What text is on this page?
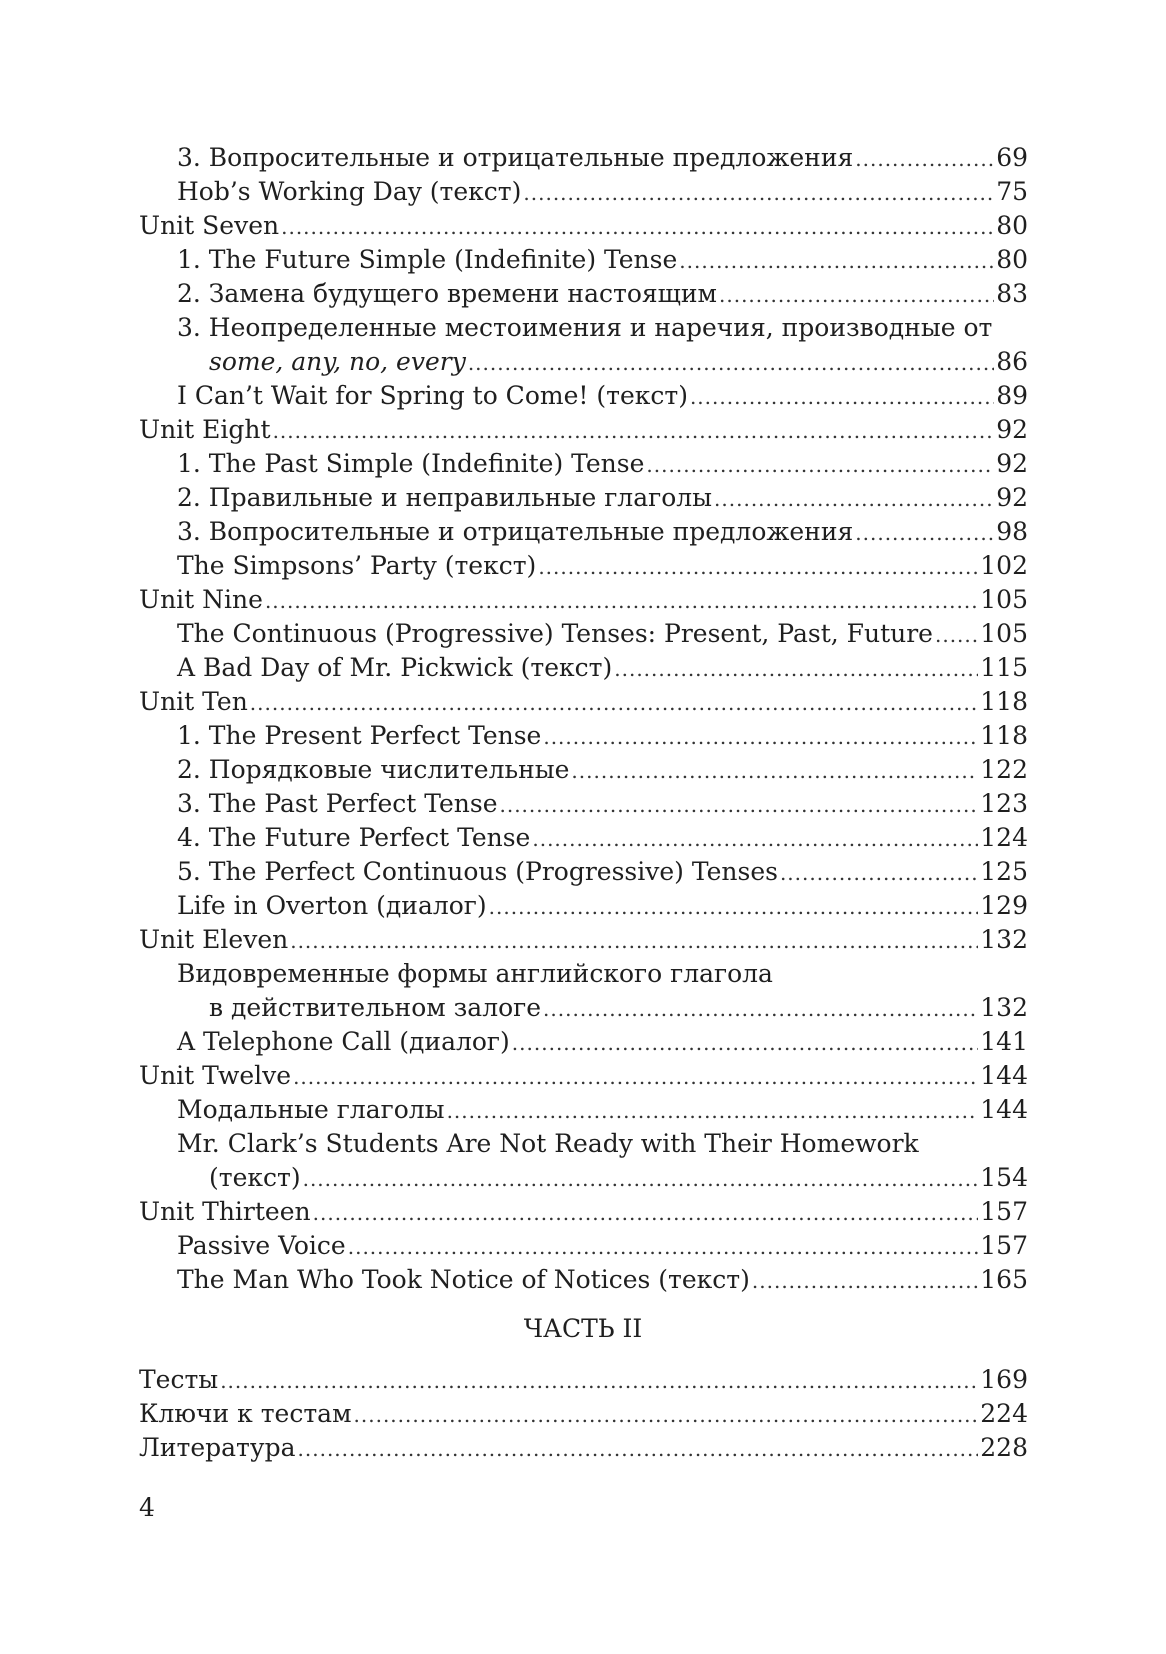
3. Вопросительные и отрицательные предложения .....	69
Hob’s Working Day (текст) .....	75
Unit Seven .....	80
1. The Future Simple (Indefinite) Tense .....	80
2. Замена будущего времени настоящим .....	83
3. Неопределенные местоимения и наречия, производные от
some, any, no, every .....	86
I Can’t Wait for Spring to Come! (текст) .....	89
Unit Eight .....	92
1. The Past Simple (Indefinite) Tense .....	92
2. Правильные и неправильные глаголы .....	92
3. Вопросительные и отрицательные предложения .....	98
The Simpsons’ Party (текст) .....	102
Unit Nine .....	105
The Continuous (Progressive) Tenses: Present, Past, Future ..... 105
A Bad Day of Mr. Pickwick (текст) .....	115
Unit Ten .....	118
1. The Present Perfect Tense .....	118
2. Порядковые числительные .....	122
3. The Past Perfect Tense .....	123
4. The Future Perfect Tense .....	124
5. The Perfect Continuous (Progressive) Tenses .....	125
Life in Overton (диалог) .....	129
Unit Eleven .....	132
Видовременные формы английского глагола
в действительном залоге .....	132
A Telephone Call (диалог) .....	141
Unit Twelve .....	144
Модальные глаголы .....	144
Mr. Clark’s Students Are Not Ready with Their Homework
(текст) .....	154
Unit Thirteen .....	157
Passive Voice .....	157
The Man Who Took Notice of Notices (текст) .....	165
ЧАСТЬ II
Тесты .....	169
Ключи к тестам .....	224
Литература .....	228
4
